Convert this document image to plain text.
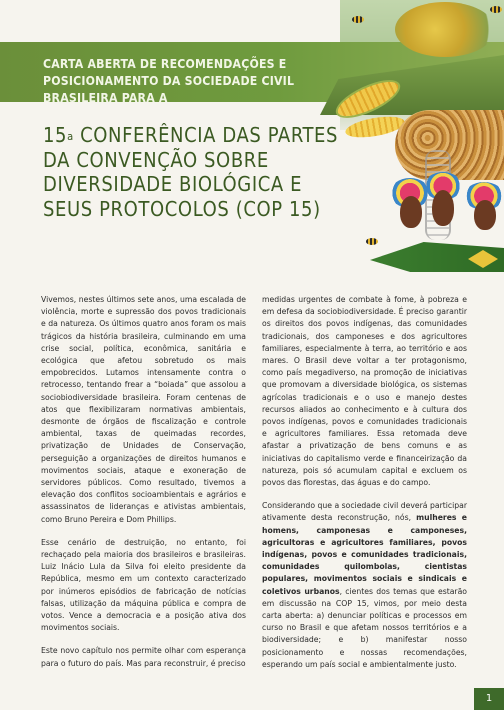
CARTA ABERTA DE RECOMENDAÇÕES E POSICIONAMENTO DA SOCIEDADE CIVIL BRASILEIRA PARA A
15$^a$ CONFERÊNCIA DAS PARTES DA CONVENÇÃO SOBRE DIVERSIDADE BIOLÓGICA E SEUS PROTOCOLOS (COP 15)

Vivemos, nestes últimos sete anos, uma escalada de violência, morte e supressão dos povos tradicionais e da natureza. Os últimos quatro anos foram os mais trágicos da história brasileira, culminando em uma crise social, política, econômica, sanitária e ecológica que afetou sobretudo os mais empobrecidos. Lutamos intensamente contra o retrocesso, tentando frear a “boiada” que assolou a sociobiodiversidade brasileira. Foram centenas de atos que flexibilizaram normativas ambientais, desmonte de órgãos de fiscalização e controle ambiental, taxas de queimadas recordes, privatização de Unidades de Conservação, perseguição a organizações de direitos humanos e movimentos sociais, ataque e exoneração de servidores públicos. Como resultado, tivemos a elevação dos conflitos socioambientais e agrários e assassinatos de lideranças e ativistas ambientais, como Bruno Pereira e Dom Phillips.

Esse cenário de destruição, no entanto, foi rechaçado pela maioria dos brasileiros e brasileiras. Luiz Inácio Lula da Silva foi eleito presidente da República, mesmo em um contexto caracterizado por inúmeros episódios de fabricação de notícias falsas, utilização da máquina pública e compra de votos. Vence a democracia e a posição ativa dos movimentos sociais.

Este novo capítulo nos permite olhar com esperança para o futuro do país. Mas para reconstruir, é preciso

medidas urgentes de combate à fome, à pobreza e em defesa da sociobiodiversidade. É preciso garantir os direitos dos povos indígenas, das comunidades tradicionais, dos camponeses e dos agricultores familiares, especialmente à terra, ao território e aos mares. O Brasil deve voltar a ter protagonismo, como país megadiverso, na promoção de iniciativas que promovam a diversidade biológica, os sistemas agrícolas tradicionais e o uso e manejo destes recursos aliados ao conhecimento e à cultura dos povos indígenas, povos e comunidades tradicionais e agricultores familiares. Essa retomada deve afastar a privatização de bens comuns e as iniciativas do capitalismo verde e financeirização da natureza, pois só acumulam capital e excluem os povos das florestas, das águas e do campo.

Considerando que a sociedade civil deverá participar ativamente desta reconstrução, nós, mulheres e homens, camponesas e camponeses, agricultoras e agricultores familiares, povos indígenas, povos e comunidades tradicionais, comunidades quilombolas, cientistas populares, movimentos sociais e sindicais e coletivos urbanos, cientes dos temas que estarão em discussão na COP 15, vimos, por meio desta carta aberta: a) denunciar políticas e processos em curso no Brasil e que afetam nossos territórios e a biodiversidade; e b) manifestar nosso posicionamento e nossas recomendações, esperando um país social e ambientalmente justo.

1
